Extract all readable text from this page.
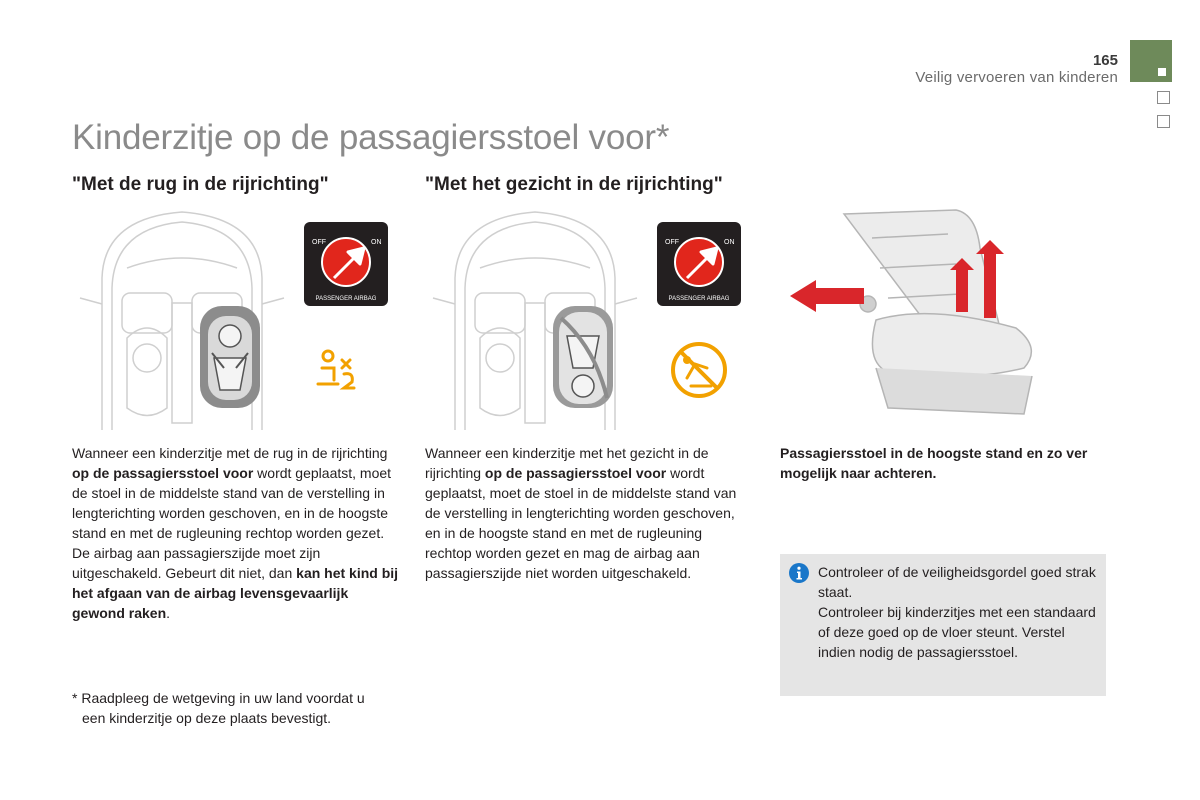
165
Veilig vervoeren van kinderen
Kinderzitje op de passagiersstoel voor*
"Met de rug in de rijrichting"	"Met het gezicht in de rijrichting"
OFF	ON
PASSENGER AIRBAG
OFF	ON
PASSENGER AIRBAG

Wanneer een kinderzitje met de rug in de rijrichting op de passagiersstoel voor wordt geplaatst, moet de stoel in de middelste stand van de verstelling in lengterichting worden geschoven, en in de hoogste stand en met de rugleuning rechtop worden gezet.

De airbag aan passagierszijde moet zijn uitgeschakeld. Gebeurt dit niet, dan kan het kind bij het afgaan van de airbag levensgevaarlijk gewond raken.

Wanneer een kinderzitje met het gezicht in de rijrichting op de passagiersstoel voor wordt geplaatst, moet de stoel in de middelste stand van de verstelling in lengterichting worden geschoven, en in de hoogste stand en met de rugleuning rechtop worden gezet en mag de airbag aan passagierszijde niet worden uitgeschakeld.

Passagiersstoel in de hoogste stand en zo ver mogelijk naar achteren.
* Raadpleeg de wetgeving in uw land voordat u
een kinderzitje op deze plaats bevestigt.
Controleer of de veiligheidsgordel goed strak staat.
Controleer bij kinderzitjes met een standaard of deze goed op de vloer steunt. Verstel indien nodig de passagiersstoel.
